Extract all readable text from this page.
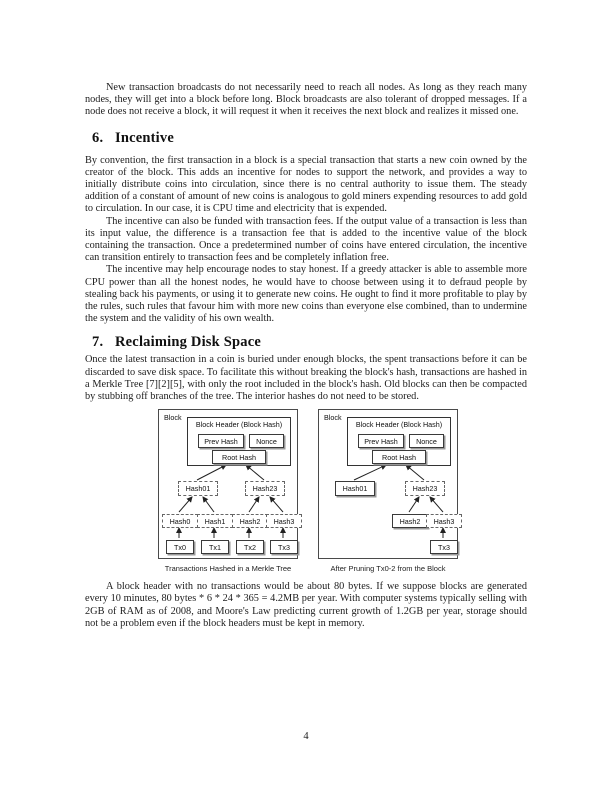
New transaction broadcasts do not necessarily need to reach all nodes. As long as they reach many nodes, they will get into a block before long. Block broadcasts are also tolerant of dropped messages. If a node does not receive a block, it will request it when it receives the next block and realizes it missed one.

6. Incentive

By convention, the first transaction in a block is a special transaction that starts a new coin owned by the creator of the block. This adds an incentive for nodes to support the network, and provides a way to initially distribute coins into circulation, since there is no central authority to issue them. The steady addition of a constant of amount of new coins is analogous to gold miners expending resources to add gold to circulation. In our case, it is CPU time and electricity that is expended.

The incentive can also be funded with transaction fees. If the output value of a transaction is less than its input value, the difference is a transaction fee that is added to the incentive value of the block containing the transaction. Once a predetermined number of coins have entered circulation, the incentive can transition entirely to transaction fees and be completely inflation free.

The incentive may help encourage nodes to stay honest. If a greedy attacker is able to assemble more CPU power than all the honest nodes, he would have to choose between using it to defraud people by stealing back his payments, or using it to generate new coins. He ought to find it more profitable to play by the rules, such rules that favour him with more new coins than everyone else combined, than to undermine the system and the validity of his own wealth.

7. Reclaiming Disk Space

Once the latest transaction in a coin is buried under enough blocks, the spent transactions before it can be discarded to save disk space. To facilitate this without breaking the block's hash, transactions are hashed in a Merkle Tree [7][2][5], with only the root included in the block's hash. Old blocks can then be compacted by stubbing off branches of the tree. The interior hashes do not need to be stored.

Block
Block Header (Block Hash)
Prev Hash	Nonce
Root Hash
Hash01	Hash23
Hash0	Hash1	Hash2	Hash3
Tx0	Tx1	Tx2	Tx3
Transactions Hashed in a Merkle Tree
Block
Block Header (Block Hash)
Prev Hash	Nonce
Root Hash
Hash01	Hash23
Hash2	Hash3
Tx3
After Pruning Tx0-2 from the Block

A block header with no transactions would be about 80 bytes. If we suppose blocks are generated every 10 minutes, 80 bytes * 6 * 24 * 365 = 4.2MB per year. With computer systems typically selling with 2GB of RAM as of 2008, and Moore's Law predicting current growth of 1.2GB per year, storage should not be a problem even if the block headers must be kept in memory.

4
